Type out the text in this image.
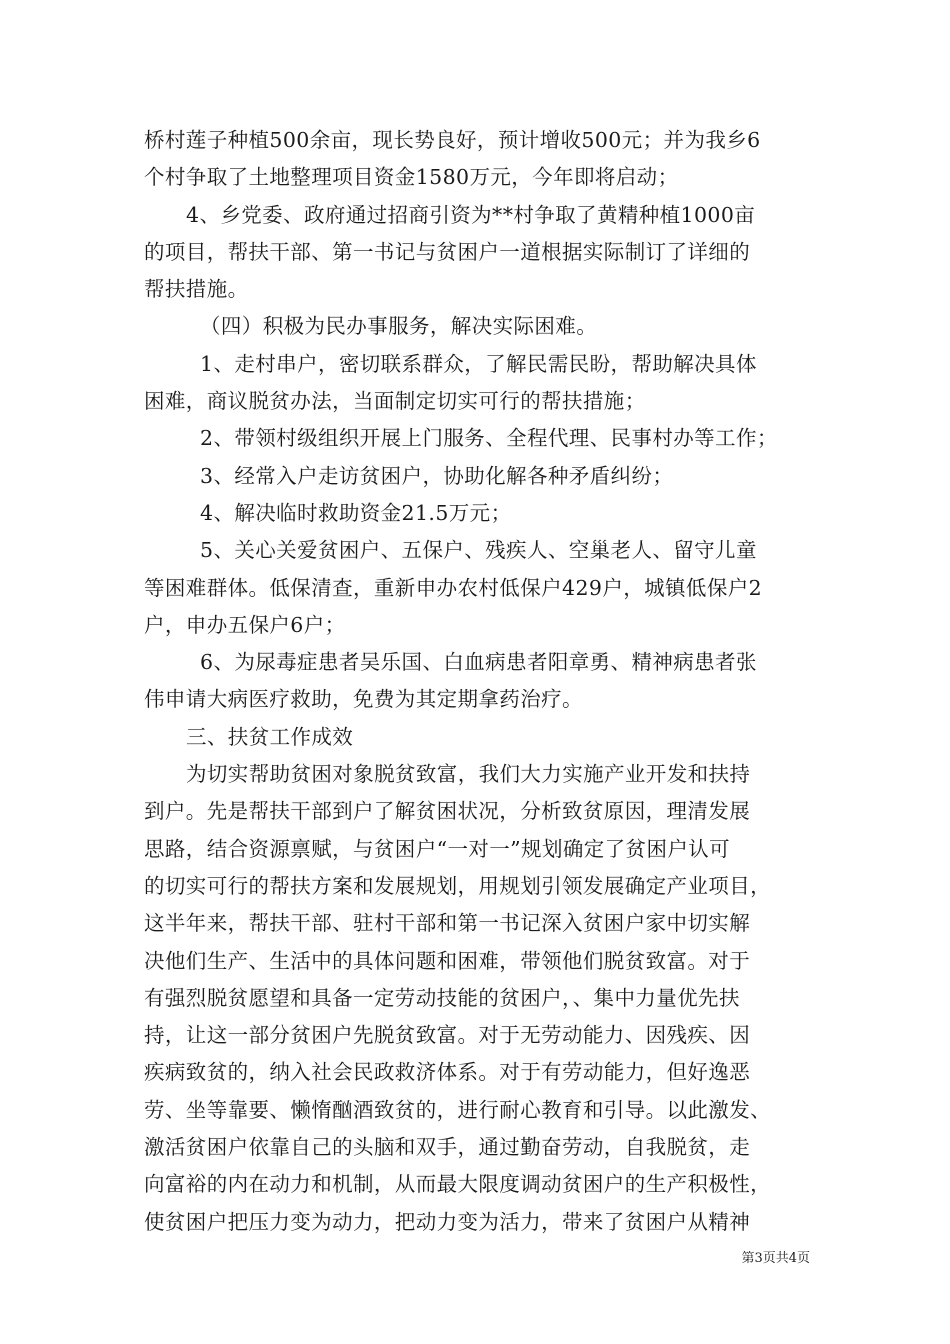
桥村莲子种植500余亩，现长势良好，预计增收500元；并为我乡6
个村争取了土地整理项目资金1580万元，今年即将启动；
4、乡党委、政府通过招商引资为**村争取了黄精种植1000亩
的项目，帮扶干部、第一书记与贫困户一道根据实际制订了详细的
帮扶措施。
（四）积极为民办事服务，解决实际困难。
1、走村串户，密切联系群众，了解民需民盼，帮助解决具体
困难，商议脱贫办法，当面制定切实可行的帮扶措施；
2、带领村级组织开展上门服务、全程代理、民事村办等工作；
3、经常入户走访贫困户，协助化解各种矛盾纠纷；
4、解决临时救助资金21.5万元；
5、关心关爱贫困户、五保户、残疾人、空巢老人、留守儿童
等困难群体。低保清查，重新申办农村低保户429户，城镇低保户2
户，申办五保户6户；
6、为尿毒症患者吴乐国、白血病患者阳章勇、精神病患者张
伟申请大病医疗救助，免费为其定期拿药治疗。
三、扶贫工作成效
为切实帮助贫困对象脱贫致富，我们大力实施产业开发和扶持
到户。先是帮扶干部到户了解贫困状况，分析致贫原因，理清发展
思路，结合资源禀赋，与贫困户“一对一”规划确定了贫困户认可
的切实可行的帮扶方案和发展规划，用规划引领发展确定产业项目，
这半年来，帮扶干部、驻村干部和第一书记深入贫困户家中切实解
决他们生产、生活中的具体问题和困难，带领他们脱贫致富。对于
有强烈脱贫愿望和具备一定劳动技能的贫困户，、集中力量优先扶
持，让这一部分贫困户先脱贫致富。对于无劳动能力、因残疾、因
疾病致贫的，纳入社会民政救济体系。对于有劳动能力，但好逸恶
劳、坐等靠要、懒惰酗酒致贫的，进行耐心教育和引导。以此激发、
激活贫困户依靠自己的头脑和双手，通过勤奋劳动，自我脱贫，走
向富裕的内在动力和机制，从而最大限度调动贫困户的生产积极性，
使贫困户把压力变为动力，把动力变为活力，带来了贫困户从精神
第3页共4页
